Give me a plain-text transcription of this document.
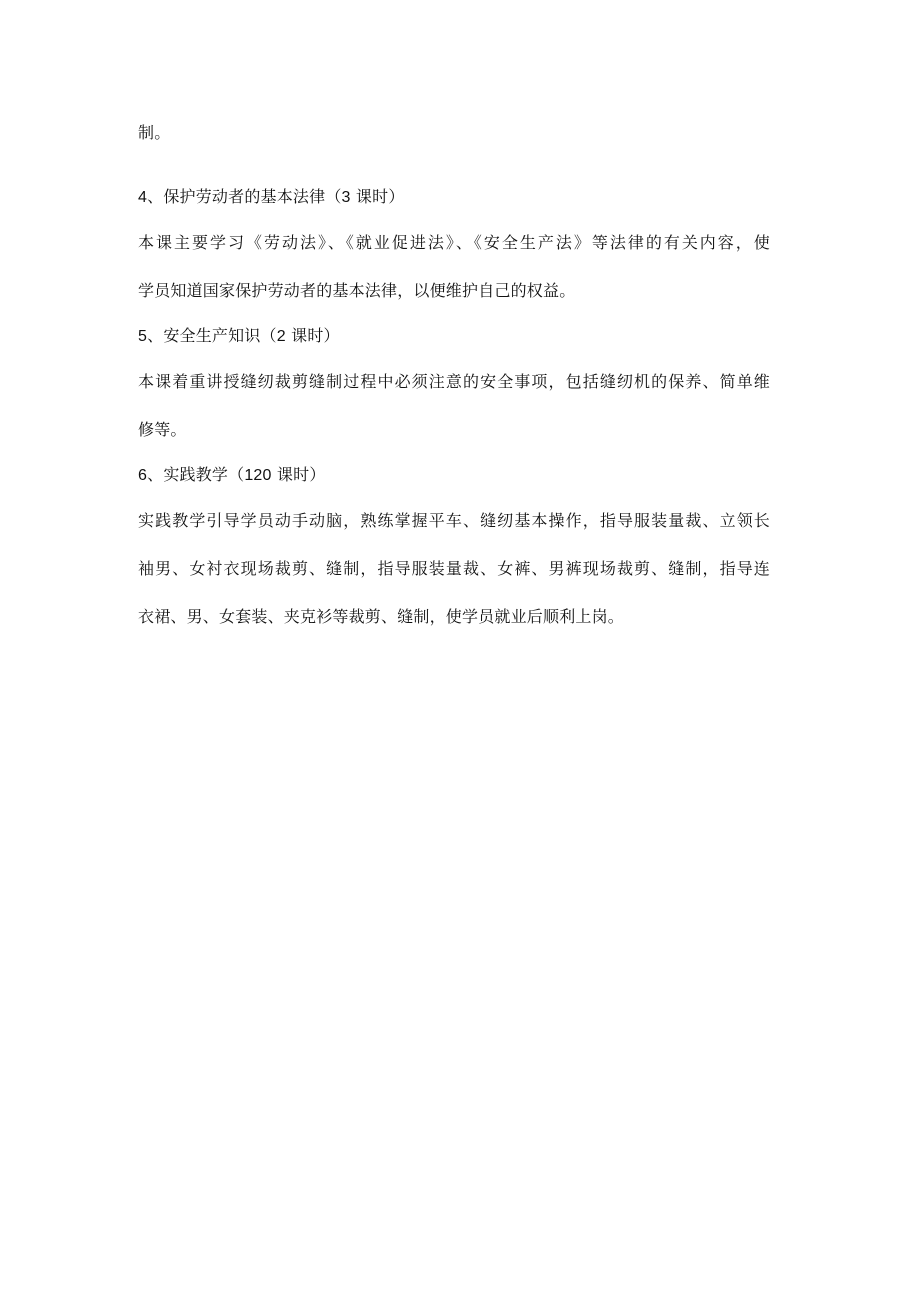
制。
4、保护劳动者的基本法律（3 课时）
本课主要学习《劳动法》、《就业促进法》、《安全生产法》等法律的有关内容，使
学员知道国家保护劳动者的基本法律，以便维护自己的权益。
5、安全生产知识（2 课时）
本课着重讲授缝纫裁剪缝制过程中必须注意的安全事项，包括缝纫机的保养、简单维
修等。
6、实践教学（120 课时）
实践教学引导学员动手动脑，熟练掌握平车、缝纫基本操作，指导服装量裁、立领长
袖男、女衬衣现场裁剪、缝制，指导服装量裁、女裤、男裤现场裁剪、缝制，指导连
衣裙、男、女套装、夹克衫等裁剪、缝制，使学员就业后顺利上岗。
